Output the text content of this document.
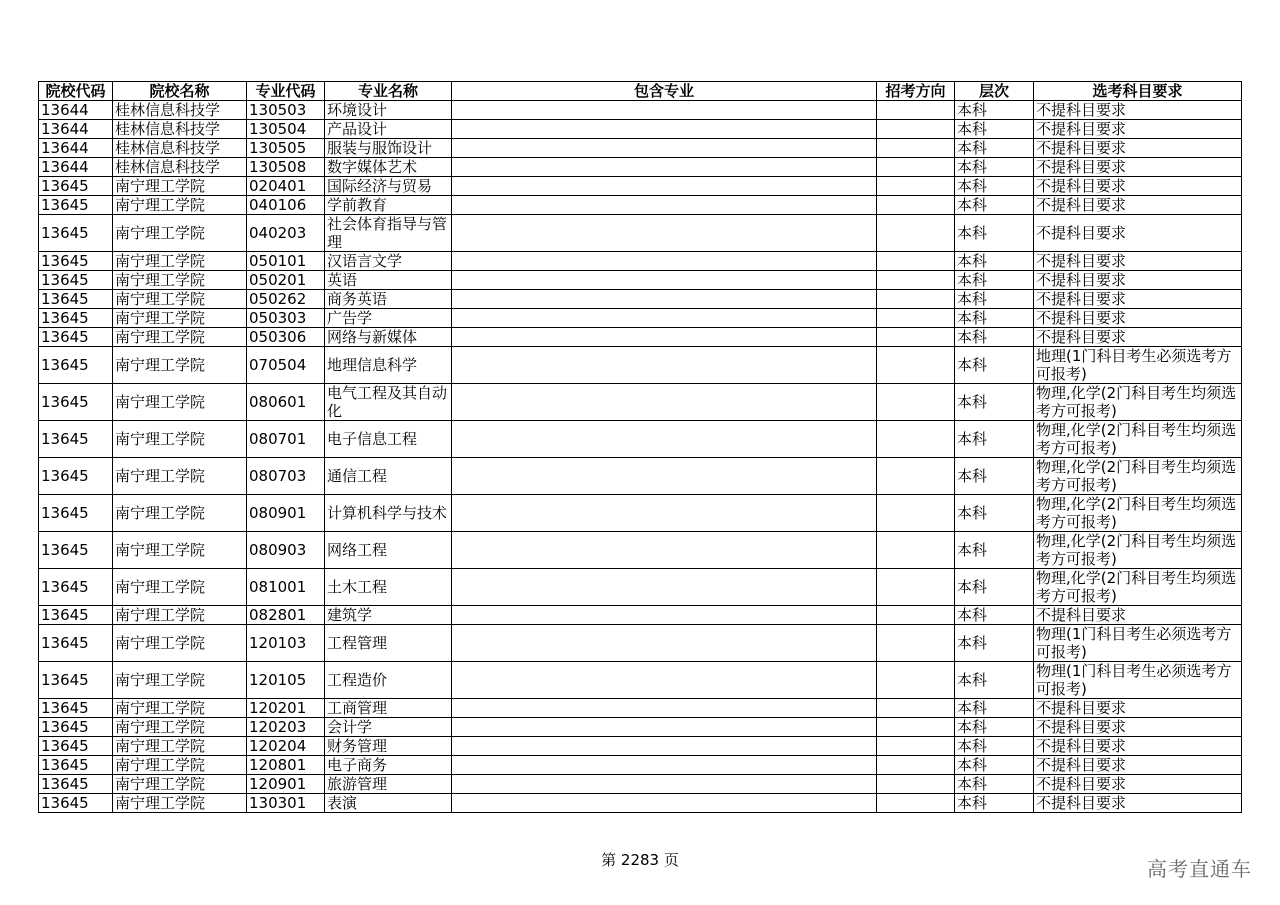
院校代码	院校名称	专业代码	专业名称	包含专业	招考方向	层次	选考科目要求
13644	桂林信息科技学	130503	环境设计			本科	不提科目要求
13644	桂林信息科技学	130504	产品设计			本科	不提科目要求
13644	桂林信息科技学	130505	服装与服饰设计			本科	不提科目要求
13644	桂林信息科技学	130508	数字媒体艺术			本科	不提科目要求
13645	南宁理工学院	020401	国际经济与贸易			本科	不提科目要求
13645	南宁理工学院	040106	学前教育			本科	不提科目要求
13645	南宁理工学院	040203	社会体育指导与管理			本科	不提科目要求
13645	南宁理工学院	050101	汉语言文学			本科	不提科目要求
13645	南宁理工学院	050201	英语			本科	不提科目要求
13645	南宁理工学院	050262	商务英语			本科	不提科目要求
13645	南宁理工学院	050303	广告学			本科	不提科目要求
13645	南宁理工学院	050306	网络与新媒体			本科	不提科目要求
13645	南宁理工学院	070504	地理信息科学			本科	地理(1门科目考生必须选考方可报考)
13645	南宁理工学院	080601	电气工程及其自动化			本科	物理,化学(2门科目考生均须选考方可报考)
13645	南宁理工学院	080701	电子信息工程			本科	物理,化学(2门科目考生均须选考方可报考)
13645	南宁理工学院	080703	通信工程			本科	物理,化学(2门科目考生均须选考方可报考)
13645	南宁理工学院	080901	计算机科学与技术			本科	物理,化学(2门科目考生均须选考方可报考)
13645	南宁理工学院	080903	网络工程			本科	物理,化学(2门科目考生均须选考方可报考)
13645	南宁理工学院	081001	土木工程			本科	物理,化学(2门科目考生均须选考方可报考)
13645	南宁理工学院	082801	建筑学			本科	不提科目要求
13645	南宁理工学院	120103	工程管理			本科	物理(1门科目考生必须选考方可报考)
13645	南宁理工学院	120105	工程造价			本科	物理(1门科目考生必须选考方可报考)
13645	南宁理工学院	120201	工商管理			本科	不提科目要求
13645	南宁理工学院	120203	会计学			本科	不提科目要求
13645	南宁理工学院	120204	财务管理			本科	不提科目要求
13645	南宁理工学院	120801	电子商务			本科	不提科目要求
13645	南宁理工学院	120901	旅游管理			本科	不提科目要求
13645	南宁理工学院	130301	表演			本科	不提科目要求
第 2283 页	高考直通车
